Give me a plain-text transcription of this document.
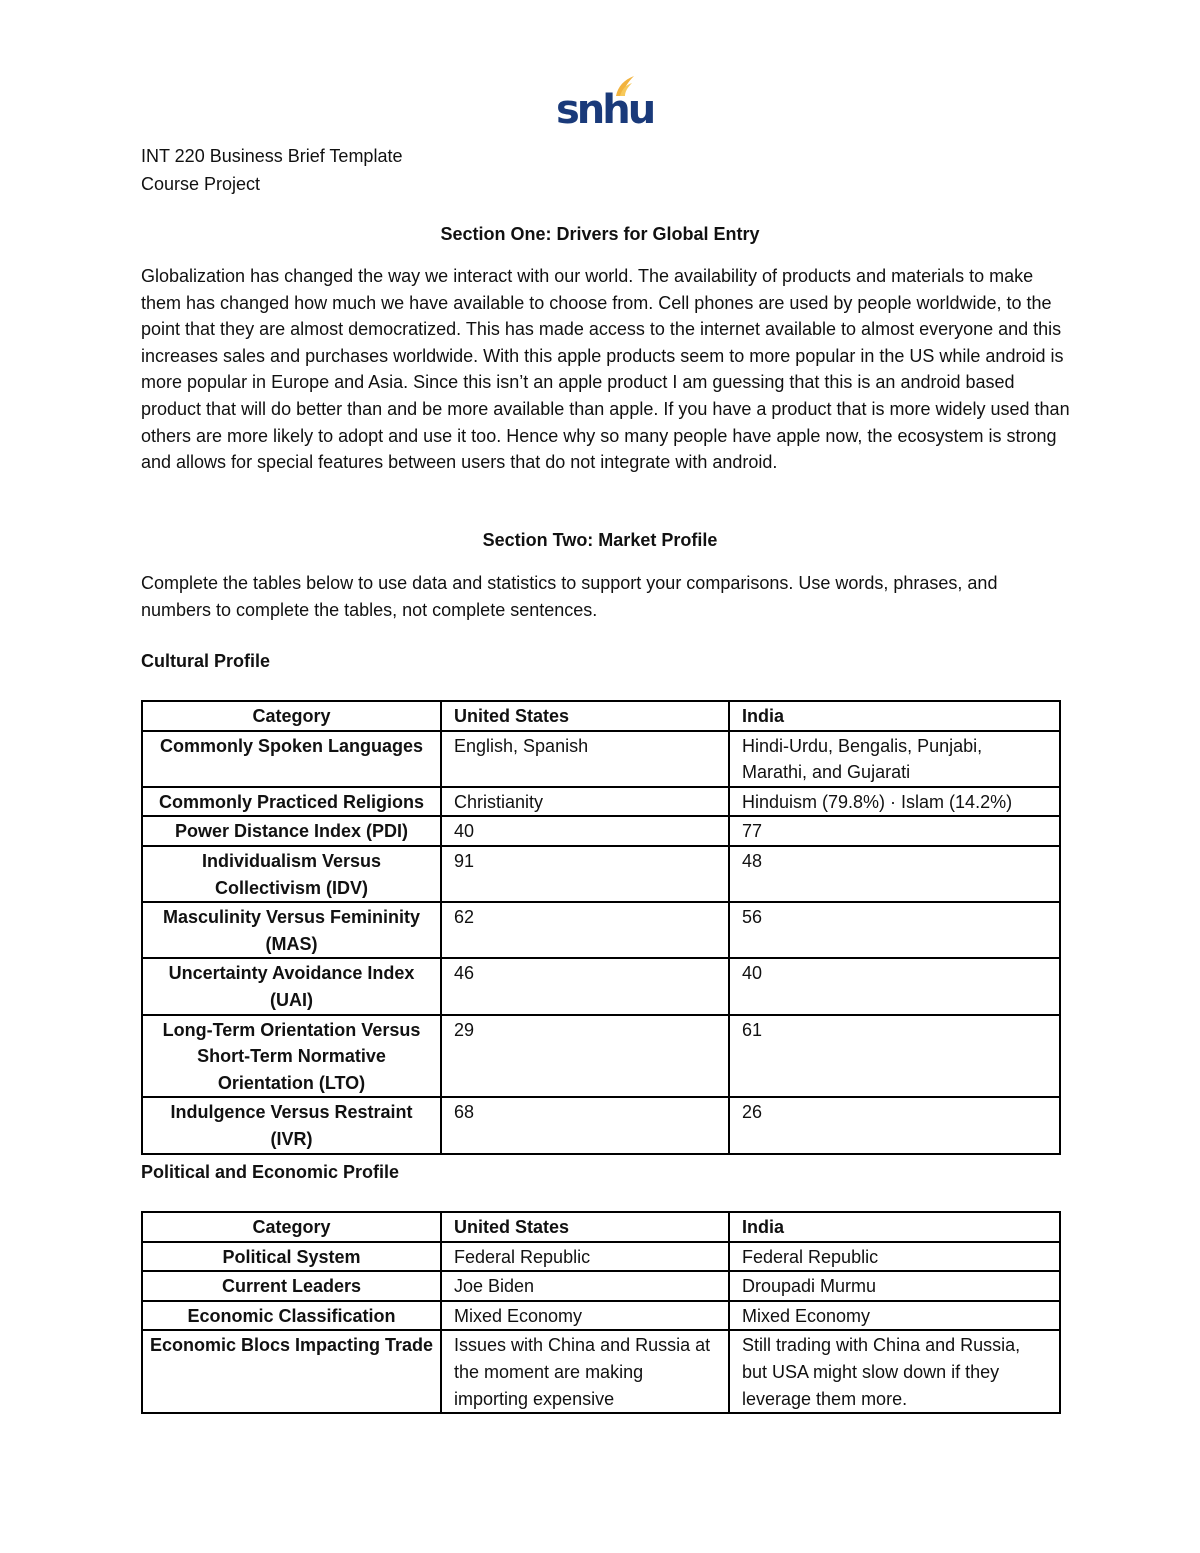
snhu
INT 220 Business Brief Template
Course Project
Section One: Drivers for Global Entry
Globalization has changed the way we interact with our world. The availability of products and materials to make them has changed how much we have available to choose from. Cell phones are used by people worldwide, to the point that they are almost democratized. This has made access to the internet available to almost everyone and this increases sales and purchases worldwide. With this apple products seem to more popular in the US while android is more popular in Europe and Asia. Since this isn’t an apple product I am guessing that this is an android based product that will do better than and be more available than apple. If you have a product that is more widely used than others are more likely to adopt and use it too. Hence why so many people have apple now, the ecosystem is strong and allows for special features between users that do not integrate with android.
Section Two: Market Profile
Complete the tables below to use data and statistics to support your comparisons. Use words, phrases, and numbers to complete the tables, not complete sentences.
Cultural Profile
Category	United States	India
Commonly Spoken Languages	English, Spanish	Hindi-Urdu, Bengalis, Punjabi, Marathi, and Gujarati
Commonly Practiced Religions	Christianity	Hinduism (79.8%) · Islam (14.2%)
Power Distance Index (PDI)	40	77
Individualism Versus Collectivism (IDV)	91	48
Masculinity Versus Femininity (MAS)	62	56
Uncertainty Avoidance Index (UAI)	46	40
Long-Term Orientation Versus Short-Term Normative Orientation (LTO)	29	61
Indulgence Versus Restraint (IVR)	68	26
Political and Economic Profile
Category	United States	India
Political System	Federal Republic	Federal Republic
Current Leaders	Joe Biden	Droupadi Murmu
Economic Classification	Mixed Economy	Mixed Economy
Economic Blocs Impacting Trade	Issues with China and Russia at the moment are making importing expensive	Still trading with China and Russia, but USA might slow down if they leverage them more.
